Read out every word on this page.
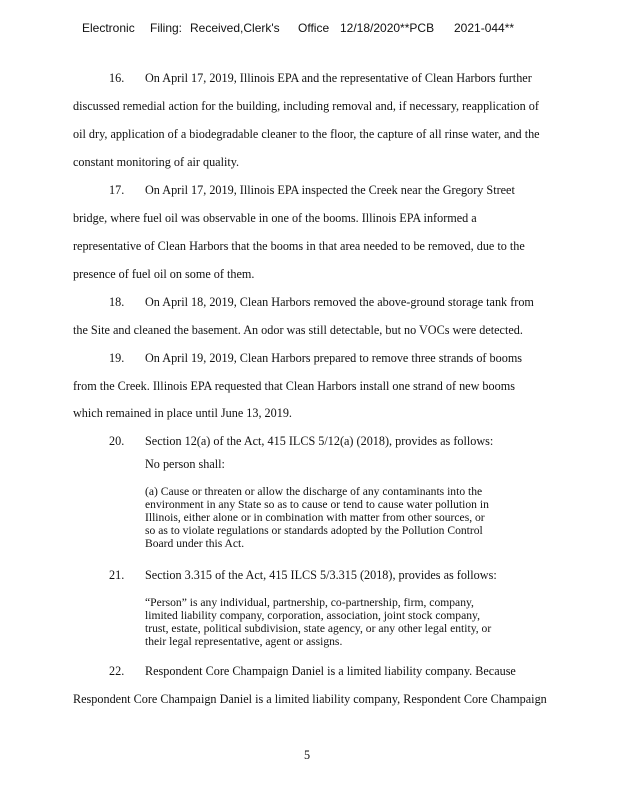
Electronic Filing: Received,Clerk's Office 12/18/2020**PCB 2021-044**
16. On April 17, 2019, Illinois EPA and the representative of Clean Harbors further
discussed remedial action for the building, including removal and, if necessary, reapplication of
oil dry, application of a biodegradable cleaner to the floor, the capture of all rinse water, and the
constant monitoring of air quality.
17. On April 17, 2019, Illinois EPA inspected the Creek near the Gregory Street
bridge, where fuel oil was observable in one of the booms. Illinois EPA informed a
representative of Clean Harbors that the booms in that area needed to be removed, due to the
presence of fuel oil on some of them.
18. On April 18, 2019, Clean Harbors removed the above-ground storage tank from
the Site and cleaned the basement. An odor was still detectable, but no VOCs were detected.
19. On April 19, 2019, Clean Harbors prepared to remove three strands of booms
from the Creek. Illinois EPA requested that Clean Harbors install one strand of new booms
which remained in place until June 13, 2019.
20. Section 12(a) of the Act, 415 ILCS 5/12(a) (2018), provides as follows:
No person shall:
(a) Cause or threaten or allow the discharge of any contaminants into the
environment in any State so as to cause or tend to cause water pollution in
Illinois, either alone or in combination with matter from other sources, or
so as to violate regulations or standards adopted by the Pollution Control
Board under this Act.
21. Section 3.315 of the Act, 415 ILCS 5/3.315 (2018), provides as follows:
“Person” is any individual, partnership, co-partnership, firm, company,
limited liability company, corporation, association, joint stock company,
trust, estate, political subdivision, state agency, or any other legal entity, or
their legal representative, agent or assigns.
22. Respondent Core Champaign Daniel is a limited liability company. Because
Respondent Core Champaign Daniel is a limited liability company, Respondent Core Champaign
5
